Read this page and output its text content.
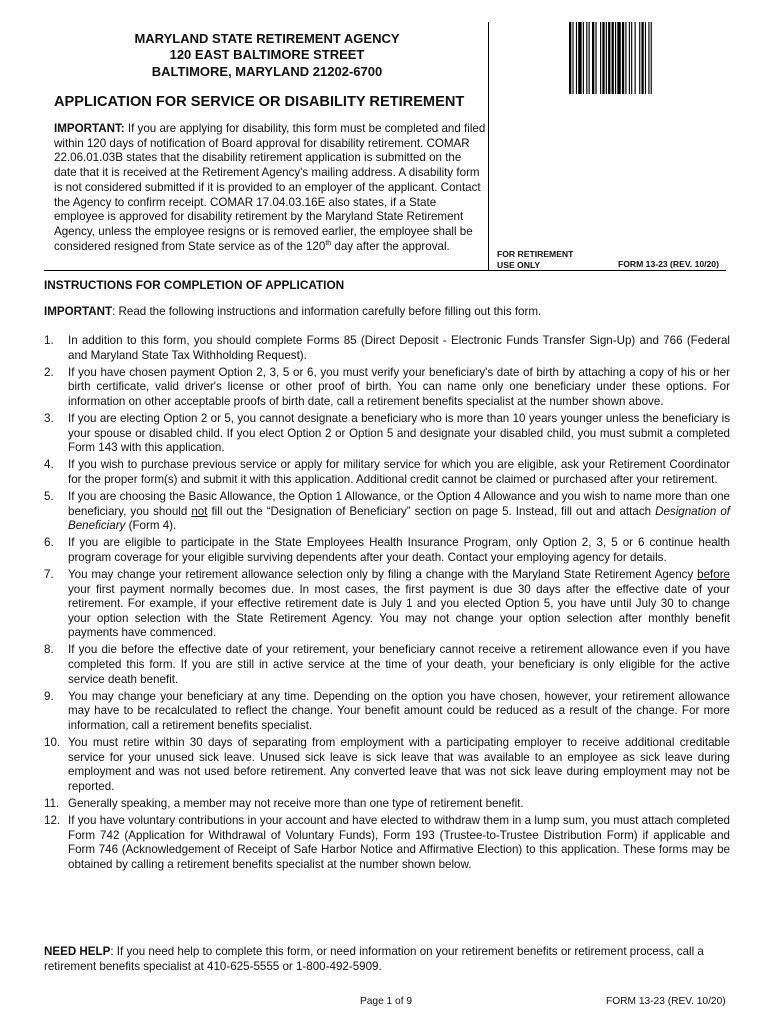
MARYLAND STATE RETIREMENT AGENCY
120 EAST BALTIMORE STREET
BALTIMORE, MARYLAND 21202-6700
APPLICATION FOR SERVICE OR DISABILITY RETIREMENT
IMPORTANT: If you are applying for disability, this form must be completed and filed within 120 days of notification of Board approval for disability retirement. COMAR 22.06.01.03B states that the disability retirement application is submitted on the date that it is received at the Retirement Agency's mailing address. A disability form is not considered submitted if it is provided to an employer of the applicant. Contact the Agency to confirm receipt. COMAR 17.04.03.16E also states, if a State employee is approved for disability retirement by the Maryland State Retirement Agency, unless the employee resigns or is removed earlier, the employee shall be considered resigned from State service as of the 120th day after the approval.
FOR RETIREMENT
USE ONLY	FORM 13-23 (REV. 10/20)
INSTRUCTIONS FOR COMPLETION OF APPLICATION
IMPORTANT: Read the following instructions and information carefully before filling out this form.
1. In addition to this form, you should complete Forms 85 (Direct Deposit - Electronic Funds Transfer Sign-Up) and 766 (Federal and Maryland State Tax Withholding Request).
2. If you have chosen payment Option 2, 3, 5 or 6, you must verify your beneficiary's date of birth by attaching a copy of his or her birth certificate, valid driver's license or other proof of birth. You can name only one beneficiary under these options. For information on other acceptable proofs of birth date, call a retirement benefits specialist at the number shown above.
3. If you are electing Option 2 or 5, you cannot designate a beneficiary who is more than 10 years younger unless the beneficiary is your spouse or disabled child. If you elect Option 2 or Option 5 and designate your disabled child, you must submit a completed Form 143 with this application.
4. If you wish to purchase previous service or apply for military service for which you are eligible, ask your Retirement Coordinator for the proper form(s) and submit it with this application. Additional credit cannot be claimed or purchased after your retirement.
5. If you are choosing the Basic Allowance, the Option 1 Allowance, or the Option 4 Allowance and you wish to name more than one beneficiary, you should not fill out the “Designation of Beneficiary” section on page 5. Instead, fill out and attach Designation of Beneficiary (Form 4).
6. If you are eligible to participate in the State Employees Health Insurance Program, only Option 2, 3, 5 or 6 continue health program coverage for your eligible surviving dependents after your death. Contact your employing agency for details.
7. You may change your retirement allowance selection only by filing a change with the Maryland State Retirement Agency before your first payment normally becomes due. In most cases, the first payment is due 30 days after the effective date of your retirement. For example, if your effective retirement date is July 1 and you elected Option 5, you have until July 30 to change your option selection with the State Retirement Agency. You may not change your option selection after monthly benefit payments have commenced.
8. If you die before the effective date of your retirement, your beneficiary cannot receive a retirement allowance even if you have completed this form. If you are still in active service at the time of your death, your beneficiary is only eligible for the active service death benefit.
9. You may change your beneficiary at any time. Depending on the option you have chosen, however, your retirement allowance may have to be recalculated to reflect the change. Your benefit amount could be reduced as a result of the change. For more information, call a retirement benefits specialist.
10. You must retire within 30 days of separating from employment with a participating employer to receive additional creditable service for your unused sick leave. Unused sick leave is sick leave that was available to an employee as sick leave during employment and was not used before retirement. Any converted leave that was not sick leave during employment may not be reported.
11. Generally speaking, a member may not receive more than one type of retirement benefit.
12. If you have voluntary contributions in your account and have elected to withdraw them in a lump sum, you must attach completed Form 742 (Application for Withdrawal of Voluntary Funds), Form 193 (Trustee-to-Trustee Distribution Form) if applicable and Form 746 (Acknowledgement of Receipt of Safe Harbor Notice and Affirmative Election) to this application. These forms may be obtained by calling a retirement benefits specialist at the number shown below.
NEED HELP: If you need help to complete this form, or need information on your retirement benefits or retirement process, call a retirement benefits specialist at 410-625-5555 or 1-800-492-5909.
Page 1 of 9	FORM 13-23 (REV. 10/20)
